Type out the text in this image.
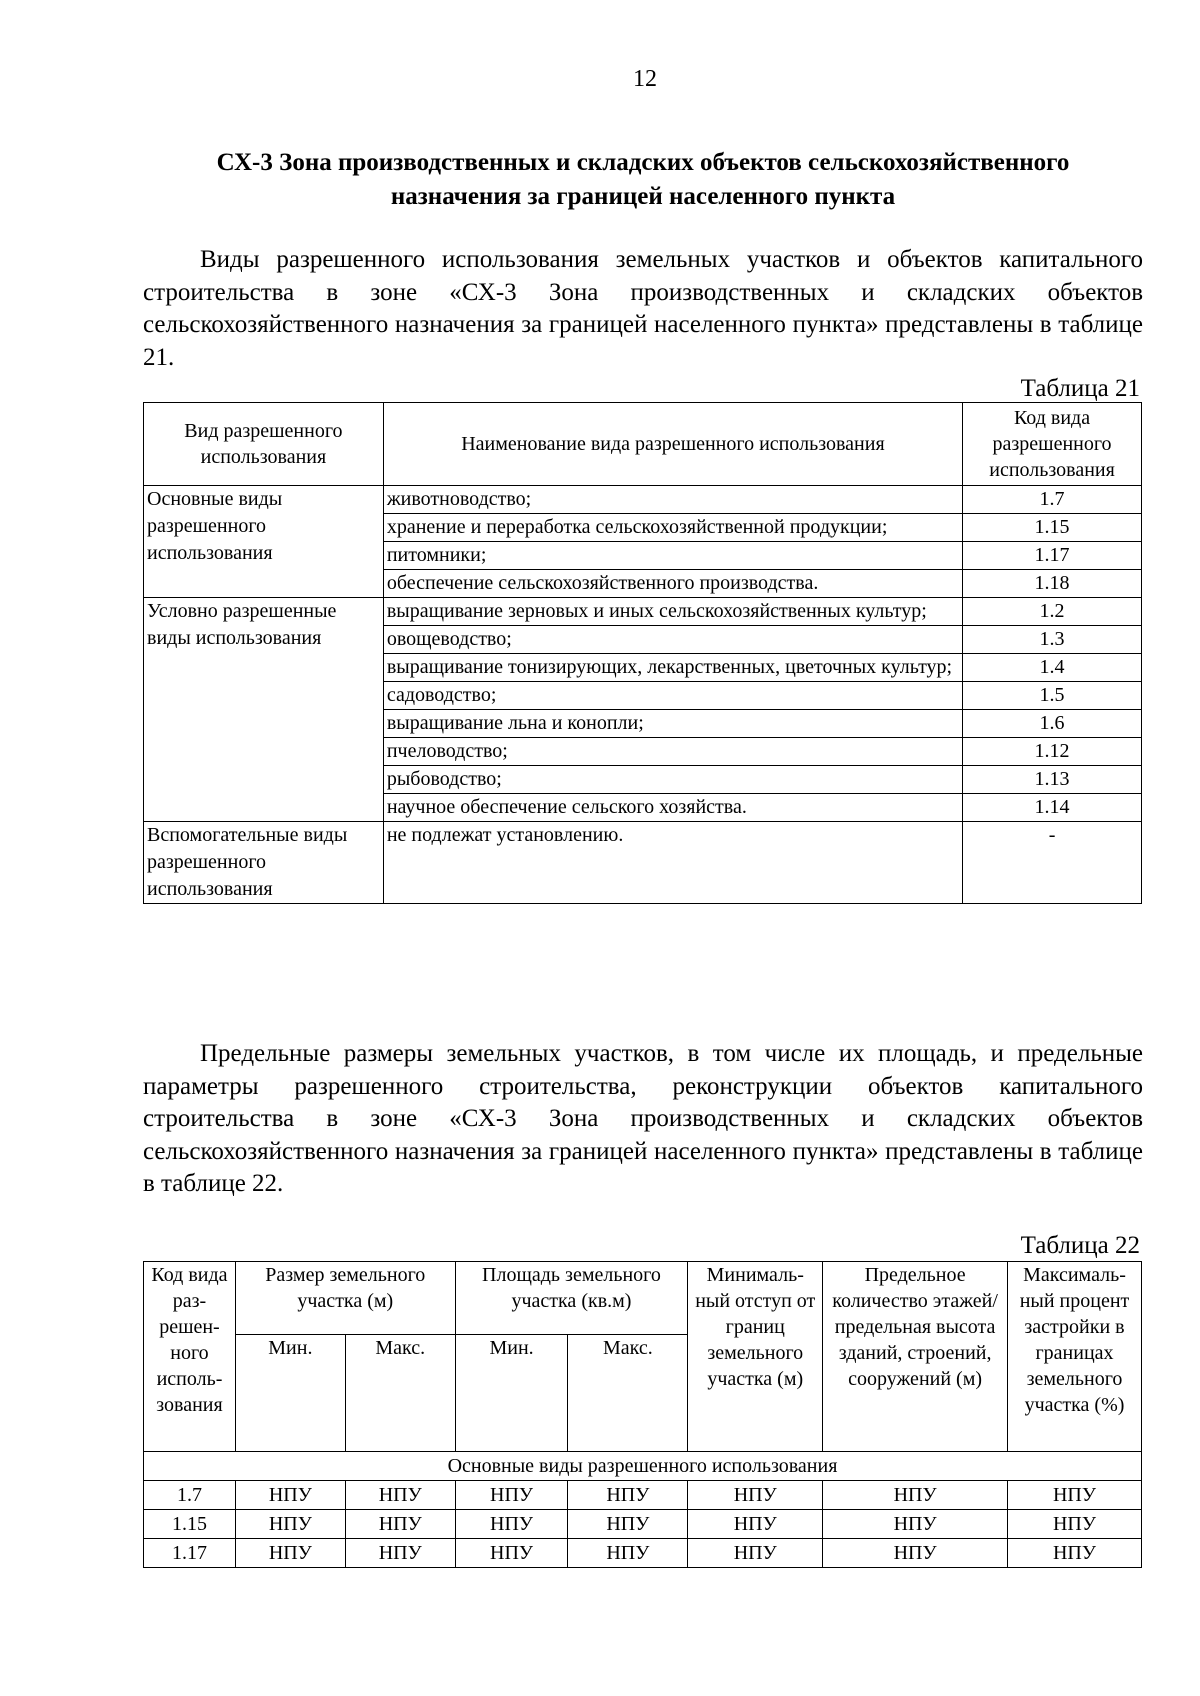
12
СХ-3 Зона производственных и складских объектов сельскохозяйственного
назначения за границей населенного пункта

Виды разрешенного использования земельных участков и объектов капитального строительства в зоне «СХ-3 Зона производственных и складских объектов сельскохозяйственного назначения за границей населенного пункта» представлены в таблице 21.

Таблица 21
Вид разрешенного использования	Наименование вида разрешенного использования	Код вида разрешенного использования
Основные виды разрешенного использования	животноводство;	1.7
	хранение и переработка сельскохозяйственной продукции;	1.15
	питомники;	1.17
	обеспечение сельскохозяйственного производства.	1.18
Условно разрешенные виды использования	выращивание зерновых и иных сельскохозяйственных культур;	1.2
	овощеводство;	1.3
	выращивание тонизирующих, лекарственных, цветочных культур;	1.4
	садоводство;	1.5
	выращивание льна и конопли;	1.6
	пчеловодство;	1.12
	рыбоводство;	1.13
	научное обеспечение сельского хозяйства.	1.14
Вспомогательные виды разрешенного использования	не подлежат установлению.	-

Предельные размеры земельных участков, в том числе их площадь, и предельные параметры разрешенного строительства, реконструкции объектов капитального строительства в зоне «СХ-3 Зона производственных и складских объектов сельскохозяйственного назначения за границей населенного пункта» представлены в таблице в таблице 22.

Таблица 22
Код вида раз-решен-ного исполь-зования	Размер земельного участка (м)		Площадь земельного участка (кв.м)		Минималь-ный отступ от границ земельного участка (м)	Предельное количество этажей/ предельная высота зданий, строений, сооружений (м)	Максималь-ный процент застройки в границах земельного участка (%)
	Мин.	Макс.	Мин.	Макс.			
Основные виды разрешенного использования							
1.7	НПУ	НПУ	НПУ	НПУ	НПУ	НПУ	НПУ
1.15	НПУ	НПУ	НПУ	НПУ	НПУ	НПУ	НПУ
1.17	НПУ	НПУ	НПУ	НПУ	НПУ	НПУ	НПУ
